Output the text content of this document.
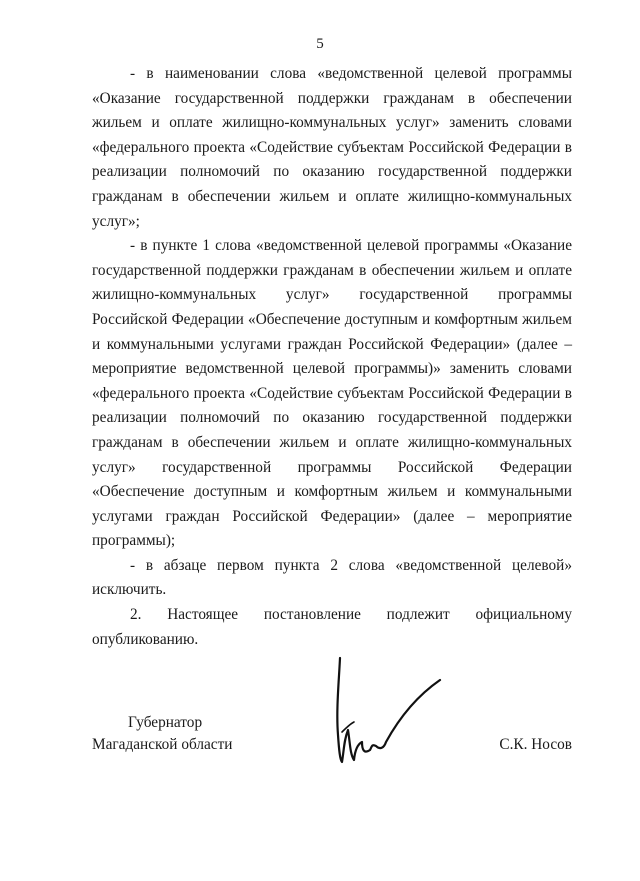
5

- в наименовании слова «ведомственной целевой программы «Оказание государственной поддержки гражданам в обеспечении жильем и оплате жилищно-коммунальных услуг» заменить словами «федерального проекта «Содействие субъектам Российской Федерации в реализации полномочий по оказанию государственной поддержки гражданам в обеспечении жильем и оплате жилищно-коммунальных услуг»;

- в пункте 1 слова «ведомственной целевой программы «Оказание государственной поддержки гражданам в обеспечении жильем и оплате жилищно-коммунальных услуг» государственной программы Российской Федерации «Обеспечение доступным и комфортным жильем и коммунальными услугами граждан Российской Федерации» (далее – мероприятие ведомственной целевой программы)» заменить словами «федерального проекта «Содействие субъектам Российской Федерации в реализации полномочий по оказанию государственной поддержки гражданам в обеспечении жильем и оплате жилищно-коммунальных услуг» государственной программы Российской Федерации «Обеспечение доступным и комфортным жильем и коммунальными услугами граждан Российской Федерации» (далее – мероприятие программы);

- в абзаце первом пункта 2 слова «ведомственной целевой» исключить.

2. Настоящее постановление подлежит официальному опубликованию.

Губернатор
Магаданской области	С.К. Носов
